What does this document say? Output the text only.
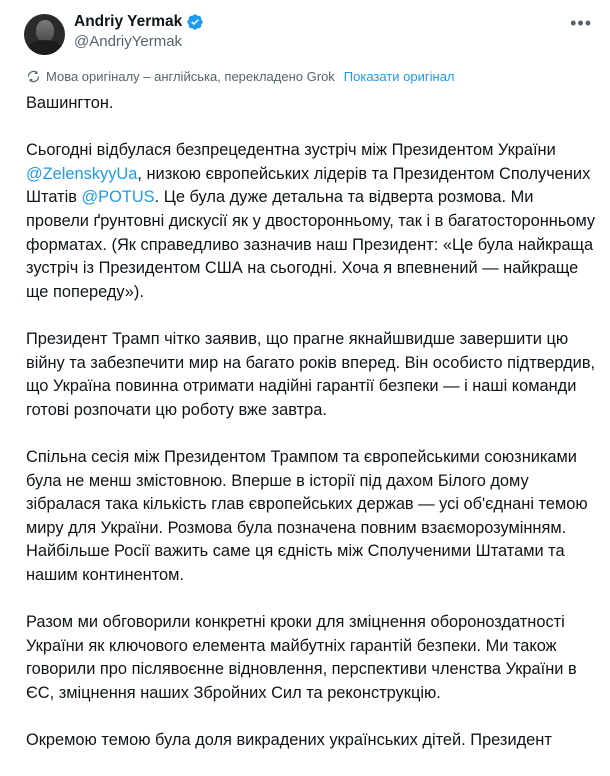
Andriy Yermak
@AndriyYermak
•••
Мова оригіналу – англійська, перекладено Grok Показати оригінал

Вашингтон.

Сьогодні відбулася безпрецедентна зустріч між Президентом України @ZelenskyyUa, низкою європейських лідерів та Президентом Сполучених Штатів @POTUS. Це була дуже детальна та відверта розмова. Ми провели ґрунтовні дискусії як у двосторонньому, так і в багатосторонньому форматах. (Як справедливо зазначив наш Президент: «Це була найкраща зустріч із Президентом США на сьогодні. Хоча я впевнений — найкраще ще попереду»).

Президент Трамп чітко заявив, що прагне якнайшвидше завершити цю війну та забезпечити мир на багато років вперед. Він особисто підтвердив, що Україна повинна отримати надійні гарантії безпеки — і наші команди готові розпочати цю роботу вже завтра.

Спільна сесія між Президентом Трампом та європейськими союзниками була не менш змістовною. Вперше в історії під дахом Білого дому зібралася така кількість глав європейських держав — усі об'єднані темою миру для України. Розмова була позначена повним взаєморозумінням. Найбільше Росії важить саме ця єдність між Сполученими Штатами та нашим континентом.

Разом ми обговорили конкретні кроки для зміцнення обороноздатності України як ключового елемента майбутніх гарантій безпеки. Ми також говорили про післявоєнне відновлення, перспективи членства України в ЄС, зміцнення наших Збройних Сил та реконструкцію.

Окремою темою була доля викрадених українських дітей. Президент
